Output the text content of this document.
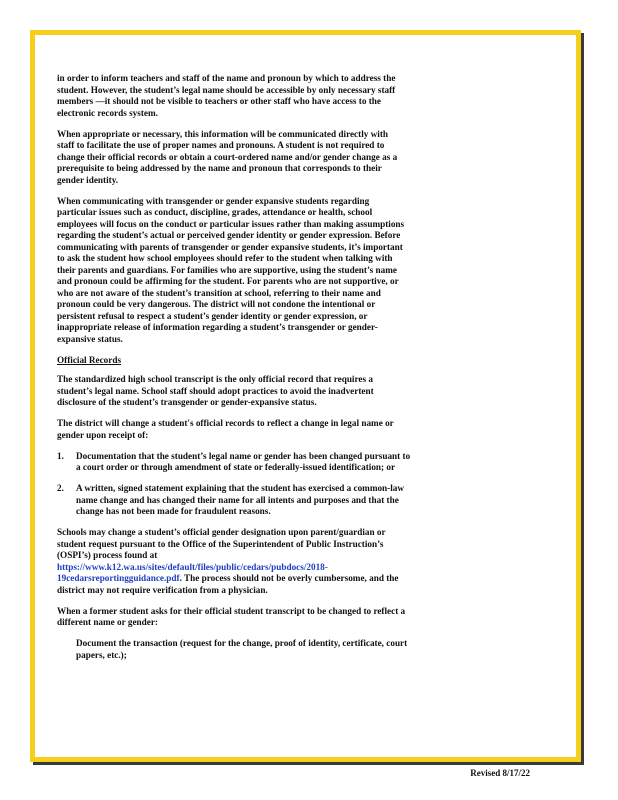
in order to inform teachers and staff of the name and pronoun by which to address the
student. However, the student’s legal name should be accessible by only necessary staff
members —it should not be visible to teachers or other staff who have access to the
electronic records system.
When appropriate or necessary, this information will be communicated directly with
staff to facilitate the use of proper names and pronouns. A student is not required to
change their official records or obtain a court-ordered name and/or gender change as a
prerequisite to being addressed by the name and pronoun that corresponds to their
gender identity.
When communicating with transgender or gender expansive students regarding
particular issues such as conduct, discipline, grades, attendance or health, school
employees will focus on the conduct or particular issues rather than making assumptions
regarding the student’s actual or perceived gender identity or gender expression. Before
communicating with parents of transgender or gender expansive students, it’s important
to ask the student how school employees should refer to the student when talking with
their parents and guardians. For families who are supportive, using the student’s name
and pronoun could be affirming for the student. For parents who are not supportive, or
who are not aware of the student’s transition at school, referring to their name and
pronoun could be very dangerous. The district will not condone the intentional or
persistent refusal to respect a student’s gender identity or gender expression, or
inappropriate release of information regarding a student’s transgender or gender-
expansive status.
Official Records
The standardized high school transcript is the only official record that requires a
student’s legal name. School staff should adopt practices to avoid the inadvertent
disclosure of the student’s transgender or gender-expansive status.
The district will change a student's official records to reflect a change in legal name or
gender upon receipt of:
1.	Documentation that the student’s legal name or gender has been changed pursuant to
a court order or through amendment of state or federally-issued identification; or
2.	A written, signed statement explaining that the student has exercised a common-law
name change and has changed their name for all intents and purposes and that the
change has not been made for fraudulent reasons.
Schools may change a student’s official gender designation upon parent/guardian or
student request pursuant to the Office of the Superintendent of Public Instruction’s
(OSPI’s) process found at
https://www.k12.wa.us/sites/default/files/public/cedars/pubdocs/2018-
19cedarsreportingguidance.pdf. The process should not be overly cumbersome, and the
district may not require verification from a physician.
When a former student asks for their official student transcript to be changed to reflect a
different name or gender:
Document the transaction (request for the change, proof of identity, certificate, court
papers, etc.);
Revised 8/17/22
